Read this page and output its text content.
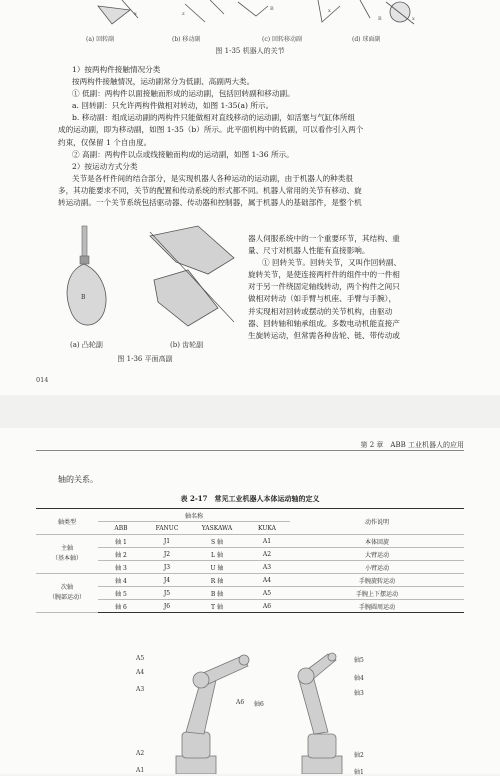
x	z
B	x
B	x
(a) 回转副	(b) 移动副	(c) 回转移动副	(d) 球面副
图 1-35 机器人的关节

1）按两构件接触情况分类

按两构件接触情况，运动副常分为低副、高副两大类。

① 低副：两构件以面接触而形成的运动副，包括回转副和移动副。

a. 回转副：只允许两构件做相对转动，如图 1-35(a) 所示。

b. 移动副：组成运动副的两构件只能做相对直线移动的运动副，如活塞与气缸体所组

成的运动副，即为移动副，如图 1-35（b）所示。此平面机构中的低副，可以看作引入两个

约束，仅保留 1 个自由度。

② 高副：两构件以点或线接触而构成的运动副，如图 1-36 所示。

2）按运动方式分类

关节是各杆件间的结合部分，是实现机器人各种运动的运动副，由于机器人的种类很

多，其功能要求不同，关节的配置和传动系统的形式都不同。机器人常用的关节有移动、旋

转运动副。一个关节系统包括驱动器、传动器和控制器，属于机器人的基础部件，是整个机

B
(a) 凸轮副	(b) 齿轮副
图 1-36 平面高副

器人伺服系统中的一个重要环节，其结构、重

量、尺寸对机器人性能有直接影响。

① 回转关节。回转关节，又叫作回转副、

旋转关节，是使连接两杆件的组件中的一件相

对于另一件绕固定轴线转动，两个构件之间只

做相对转动（如手臂与机座、手臂与手腕），

并实现相对回转或摆动的关节机构，由驱动

器、回转轴和轴承组成。多数电动机能直接产

生旋转运动，但常需各种齿轮、链、带传动或

014
第 2 章　ABB 工业机器人的应用
轴的关系。
表 2-17　常见工业机器人本体运动轴的定义
轴类型	轴名称				动作说明
	ABB	FANUC	YASKAWA	KUKA	
主轴
（基本轴）	轴 1	J1	S 轴	A1	本体回旋
	轴 2	J2	L 轴	A2	大臂运动
	轴 3	J3	U 轴	A3	小臂运动
次轴
（腕部运动）	轴 4	J4	R 轴	A4	手腕旋转运动
	轴 5	J5	B 轴	A5	手腕上下摆运动
	轴 6	J6	T 轴	A6	手腕圆周运动
A5
A4
A3
A6
A2
A1
轴5
轴4
轴3
轴6
轴2
轴1
